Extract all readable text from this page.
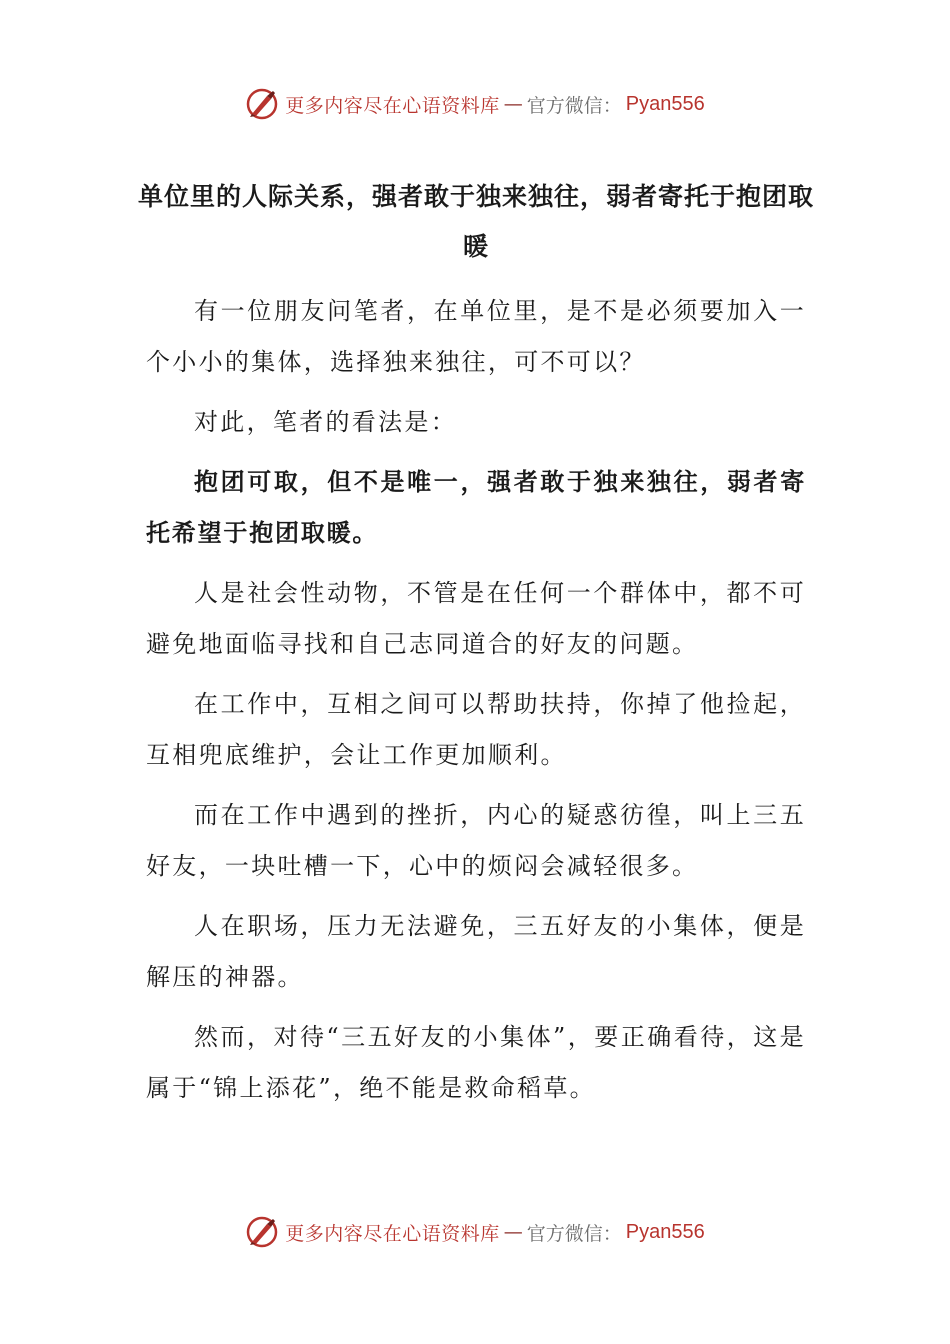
更多内容尽在心语资料库 — 官方微信： Pyan556
单位里的人际关系，强者敢于独来独往，弱者寄托于抱团取暖

有一位朋友问笔者，在单位里，是不是必须要加入一个小小的集体，选择独来独往，可不可以？

对此，笔者的看法是：

抱团可取，但不是唯一，强者敢于独来独往，弱者寄托希望于抱团取暖。

人是社会性动物，不管是在任何一个群体中，都不可避免地面临寻找和自己志同道合的好友的问题。

在工作中，互相之间可以帮助扶持，你掉了他捡起，互相兜底维护，会让工作更加顺利。

而在工作中遇到的挫折，内心的疑惑彷徨，叫上三五好友，一块吐槽一下，心中的烦闷会减轻很多。

人在职场，压力无法避免，三五好友的小集体，便是解压的神器。

然而，对待“三五好友的小集体”，要正确看待，这是属于“锦上添花”，绝不能是救命稻草。

更多内容尽在心语资料库 — 官方微信： Pyan556
